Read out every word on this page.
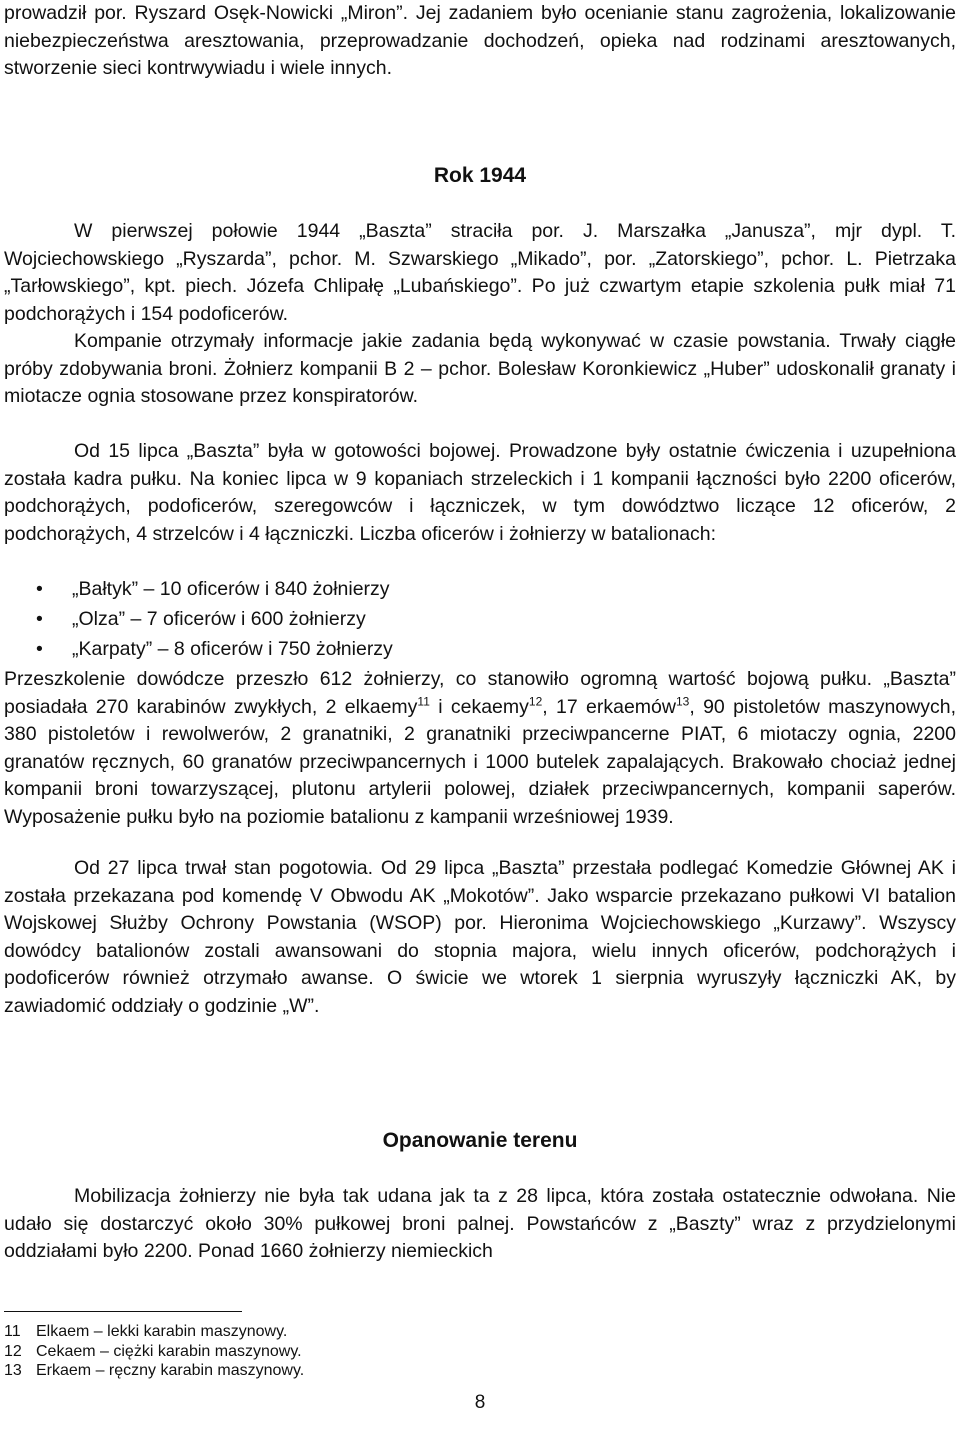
prowadził por. Ryszard Osęk-Nowicki „Miron”. Jej zadaniem było ocenianie stanu zagrożenia, lokalizowanie niebezpieczeństwa aresztowania, przeprowadzanie dochodzeń, opieka nad rodzinami aresztowanych, stworzenie sieci kontrwywiadu i wiele innych.

Rok 1944

W pierwszej połowie 1944 „Baszta” straciła por. J. Marszałka „Janusza”, mjr dypl. T. Wojciechowskiego „Ryszarda”, pchor. M. Szwarskiego „Mikado”, por. „Zatorskiego”, pchor. L. Pietrzaka „Tarłowskiego”, kpt. piech. Józefa Chlipałę „Lubańskiego”. Po już czwartym etapie szkolenia pułk miał 71 podchorążych i 154 podoficerów.

Kompanie otrzymały informacje jakie zadania będą wykonywać w czasie powstania. Trwały ciągłe próby zdobywania broni. Żołnierz kompanii B 2 – pchor. Bolesław Koronkiewicz „Huber” udoskonalił granaty i miotacze ognia stosowane przez konspiratorów.

Od 15 lipca „Baszta” była w gotowości bojowej. Prowadzone były ostatnie ćwiczenia i uzupełniona została kadra pułku. Na koniec lipca w 9 kopaniach strzeleckich i 1 kompanii łączności było 2200 oficerów, podchorążych, podoficerów, szeregowców i łączniczek, w tym dowództwo liczące 12 oficerów, 2 podchorążych, 4 strzelców i 4 łączniczki. Liczba oficerów i żołnierzy w batalionach:

• „Bałtyk” – 10 oficerów i 840 żołnierzy
• „Olza” – 7 oficerów i 600 żołnierzy
• „Karpaty” – 8 oficerów i 750 żołnierzy

Przeszkolenie dowódcze przeszło 612 żołnierzy, co stanowiło ogromną wartość bojową pułku. „Baszta” posiadała 270 karabinów zwykłych, 2 elkaemy$^{11}$ i cekaemy$^{12}$, 17 erkaemów$^{13}$, 90 pistoletów maszynowych, 380 pistoletów i rewolwerów, 2 granatniki, 2 granatniki przeciwpancerne PIAT, 6 miotaczy ognia, 2200 granatów ręcznych, 60 granatów przeciwpancernych i 1000 butelek zapalających. Brakowało chociaż jednej kompanii broni towarzyszącej, plutonu artylerii polowej, działek przeciwpancernych, kompanii saperów. Wyposażenie pułku było na poziomie batalionu z kampanii wrześniowej 1939.

Od 27 lipca trwał stan pogotowia. Od 29 lipca „Baszta” przestała podlegać Komedzie Głównej AK i została przekazana pod komendę V Obwodu AK „Mokotów”. Jako wsparcie przekazano pułkowi VI batalion Wojskowej Służby Ochrony Powstania (WSOP) por. Hieronima Wojciechowskiego „Kurzawy”. Wszyscy dowódcy batalionów zostali awansowani do stopnia majora, wielu innych oficerów, podchorążych i podoficerów również otrzymało awanse. O świcie we wtorek 1 sierpnia wyruszyły łączniczki AK, by zawiadomić oddziały o godzinie „W”.

Opanowanie terenu

Mobilizacja żołnierzy nie była tak udana jak ta z 28 lipca, która została ostatecznie odwołana. Nie udało się dostarczyć około 30% pułkowej broni palnej. Powstańców z „Baszty” wraz z przydzielonymi oddziałami było 2200. Ponad 1660 żołnierzy niemieckich

11 Elkaem – lekki karabin maszynowy.
12 Cekaem – ciężki karabin maszynowy.
13 Erkaem – ręczny karabin maszynowy.
8
